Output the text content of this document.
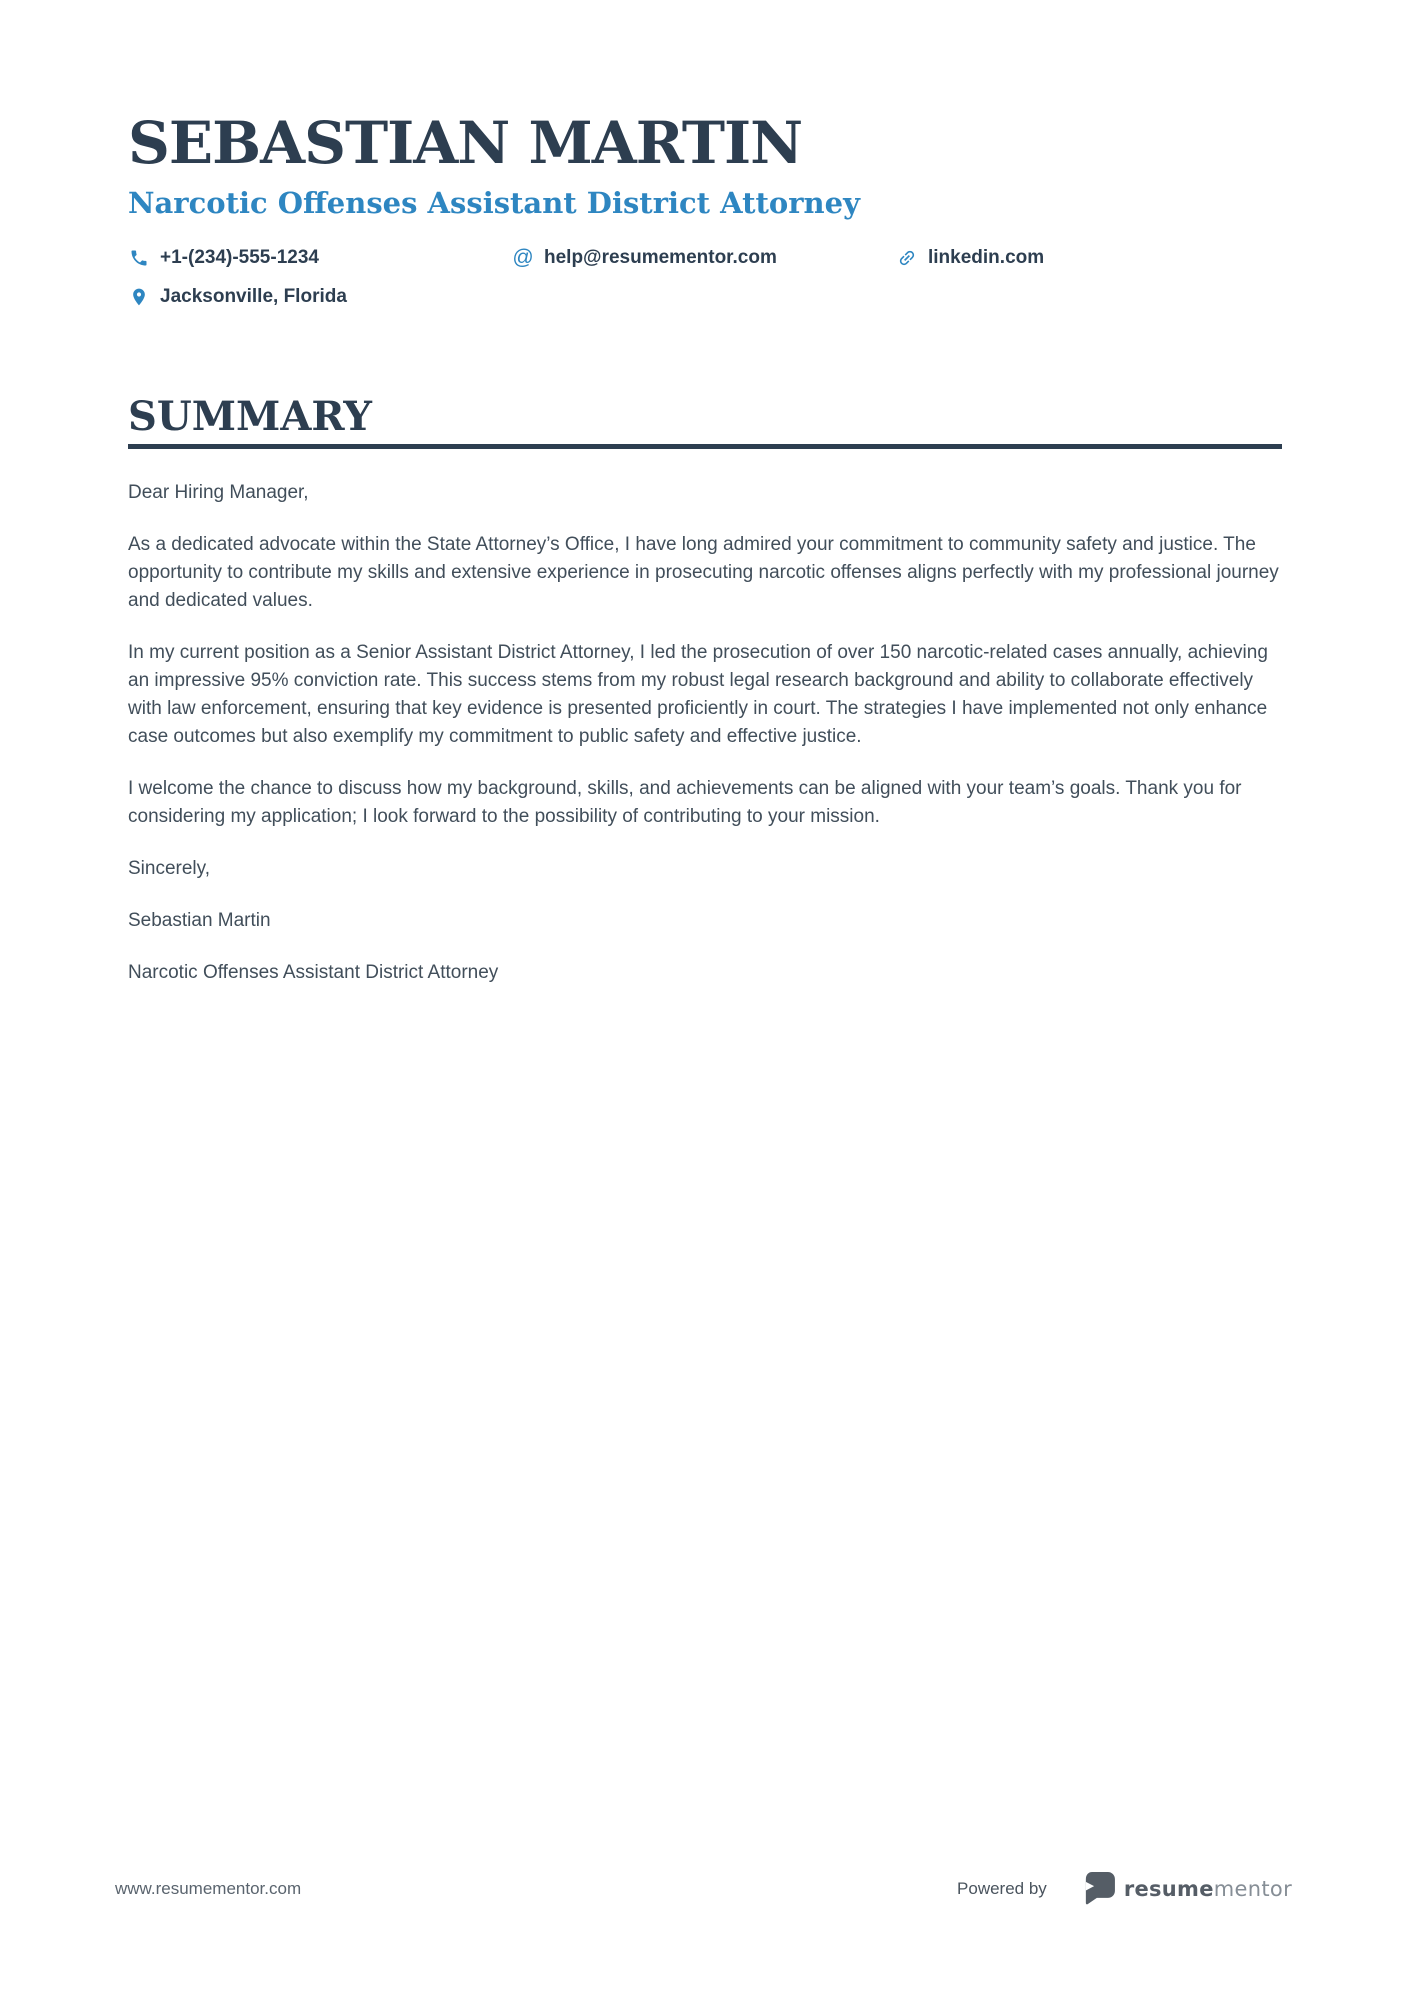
SEBASTIAN MARTIN
Narcotic Offenses Assistant District Attorney
+1-(234)-555-1234	@ help@resumementor.com	linkedin.com
Jacksonville, Florida
SUMMARY

Dear Hiring Manager,

As a dedicated advocate within the State Attorney’s Office, I have long admired your commitment to community safety and justice. The opportunity to contribute my skills and extensive experience in prosecuting narcotic offenses aligns perfectly with my professional journey and dedicated values.

In my current position as a Senior Assistant District Attorney, I led the prosecution of over 150 narcotic-related cases annually, achieving an impressive 95% conviction rate. This success stems from my robust legal research background and ability to collaborate effectively with law enforcement, ensuring that key evidence is presented proficiently in court. The strategies I have implemented not only enhance case outcomes but also exemplify my commitment to public safety and effective justice.

I welcome the chance to discuss how my background, skills, and achievements can be aligned with your team’s goals. Thank you for considering my application; I look forward to the possibility of contributing to your mission.

Sincerely,

Sebastian Martin

Narcotic Offenses Assistant District Attorney

www.resumementor.com	Powered by	resumementor
